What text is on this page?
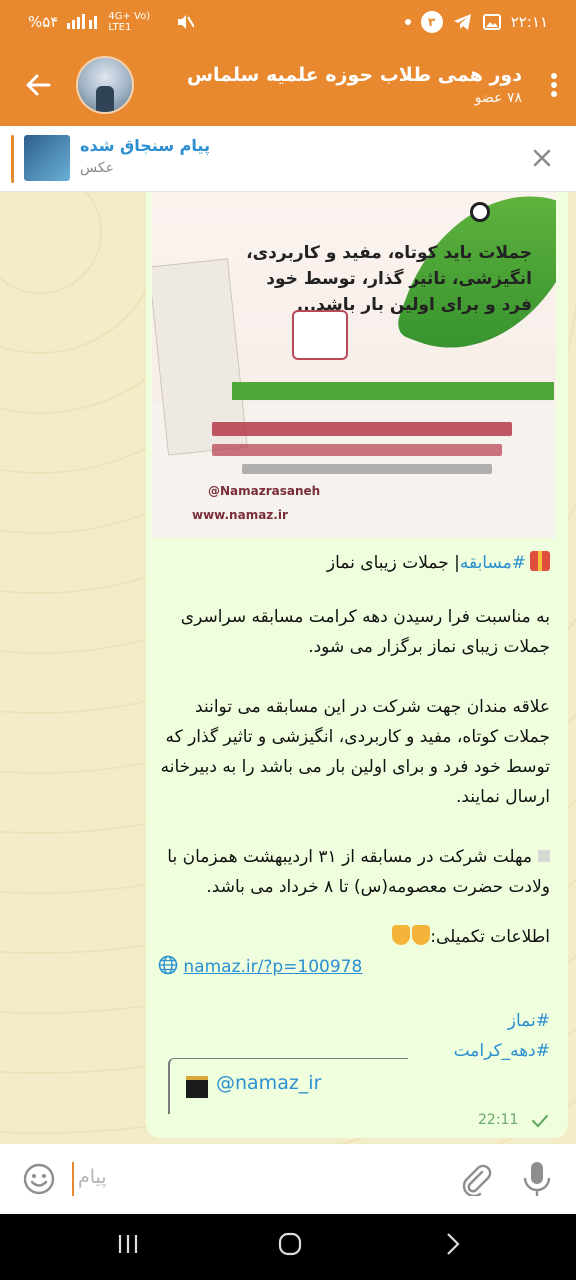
%۵۴	4G+ Vo) LTE1	۳	۲۲:۱۱
دور همی طلاب حوزه علمیه سلماس
۷۸ عضو
پیام سنجاق شده
عکس
جملات باید کوتاه، مفید و کاربردی، انگیزشی، تاثیر گذار، توسط خود فرد و برای اولین بار باشد...
@Namazrasaneh
www.namaz.ir

#مسابقه| جملات زیبای نماز

به مناسبت فرا رسیدن دهه کرامت مسابقه سراسری جملات زیبای نماز برگزار می شود.

علاقه مندان جهت شرکت در این مسابقه می توانند جملات کوتاه، مفید و کاربردی، انگیزشی و تاثیر گذار که توسط خود فرد و برای اولین بار می باشد را به دبیرخانه ارسال نمایند.

مهلت شرکت در مسابقه از ۳۱ اردیبهشت همزمان با ولادت حضرت معصومه(س) تا ۸ خرداد می باشد.

اطلاعات تکمیلی:

namaz.ir/?p=100978

#نماز

#دهه_کرامت

@namaz_ir
22:11
پیام
